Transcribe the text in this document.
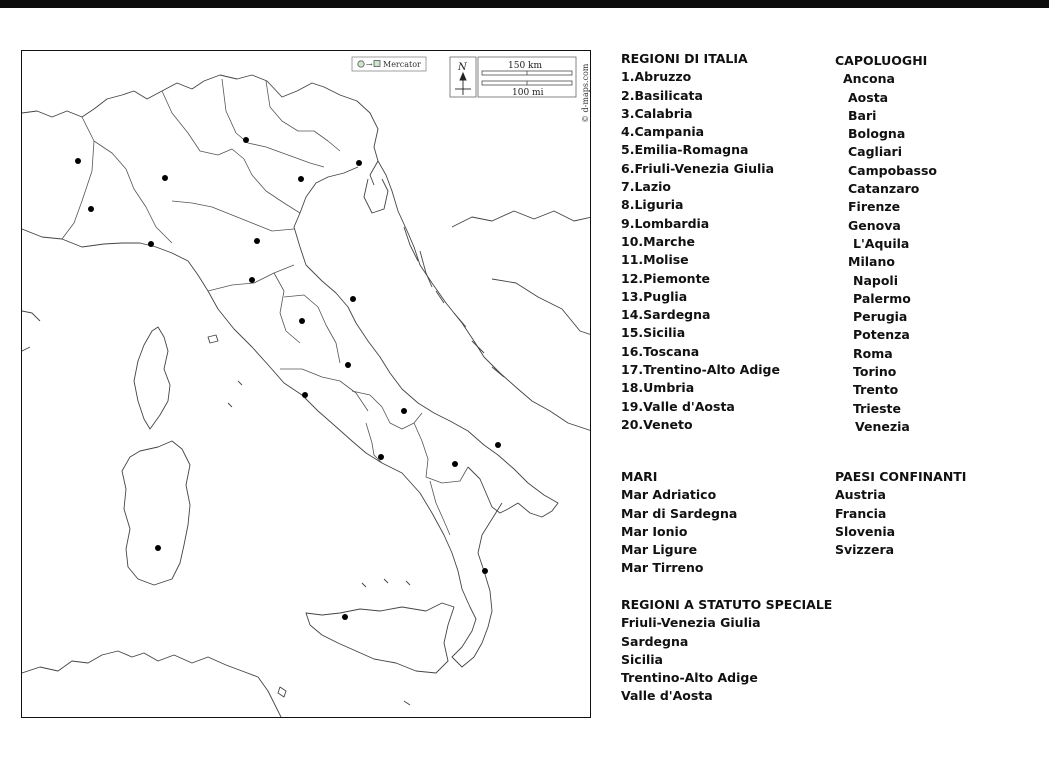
→ Mercator	N	150 km
100 mi	© d-maps.com
REGIONI DI ITALIA
1.Abruzzo
2.Basilicata
3.Calabria
4.Campania
5.Emilia-Romagna
6.Friuli-Venezia Giulia
7.Lazio
8.Liguria
9.Lombardia
10.Marche
11.Molise
12.Piemonte
13.Puglia
14.Sardegna
15.Sicilia
16.Toscana
17.Trentino-Alto Adige
18.Umbria
19.Valle d'Aosta
20.Veneto
CAPOLUOGHI
Ancona
Aosta
Bari
Bologna
Cagliari
Campobasso
Catanzaro
Firenze
Genova
L'Aquila
Milano
Napoli
Palermo
Perugia
Potenza
Roma
Torino
Trento
Trieste
Venezia
MARI
Mar Adriatico
Mar di Sardegna
Mar Ionio
Mar Ligure
Mar Tirreno
PAESI CONFINANTI
Austria
Francia
Slovenia
Svizzera
REGIONI A STATUTO SPECIALE
Friuli-Venezia Giulia
Sardegna
Sicilia
Trentino-Alto Adige
Valle d'Aosta
